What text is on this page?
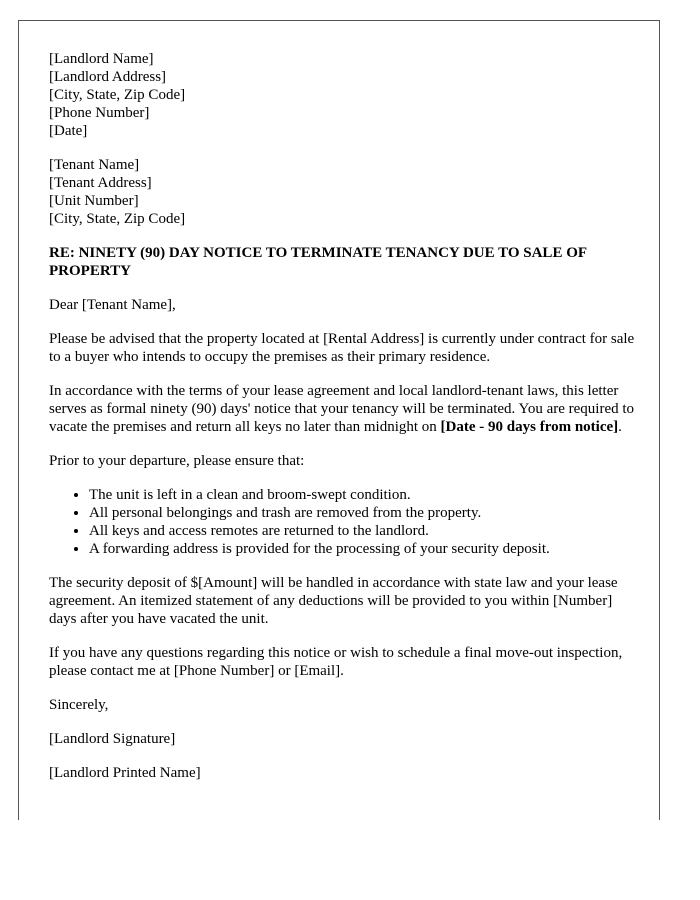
[Landlord Name]
[Landlord Address]
[City, State, Zip Code]
[Phone Number]
[Date]
[Tenant Name]
[Tenant Address]
[Unit Number]
[City, State, Zip Code]
RE: NINETY (90) DAY NOTICE TO TERMINATE TENANCY DUE TO SALE OF PROPERTY

Dear [Tenant Name],

Please be advised that the property located at [Rental Address] is currently under contract for sale to a buyer who intends to occupy the premises as their primary residence.

In accordance with the terms of your lease agreement and local landlord-tenant laws, this letter serves as formal ninety (90) days' notice that your tenancy will be terminated. You are required to vacate the premises and return all keys no later than midnight on [Date - 90 days from notice].

Prior to your departure, please ensure that:

• The unit is left in a clean and broom-swept condition.
• All personal belongings and trash are removed from the property.
• All keys and access remotes are returned to the landlord.
• A forwarding address is provided for the processing of your security deposit.

The security deposit of $[Amount] will be handled in accordance with state law and your lease agreement. An itemized statement of any deductions will be provided to you within [Number] days after you have vacated the unit.

If you have any questions regarding this notice or wish to schedule a final move-out inspection, please contact me at [Phone Number] or [Email].

Sincerely,

[Landlord Signature]

[Landlord Printed Name]
